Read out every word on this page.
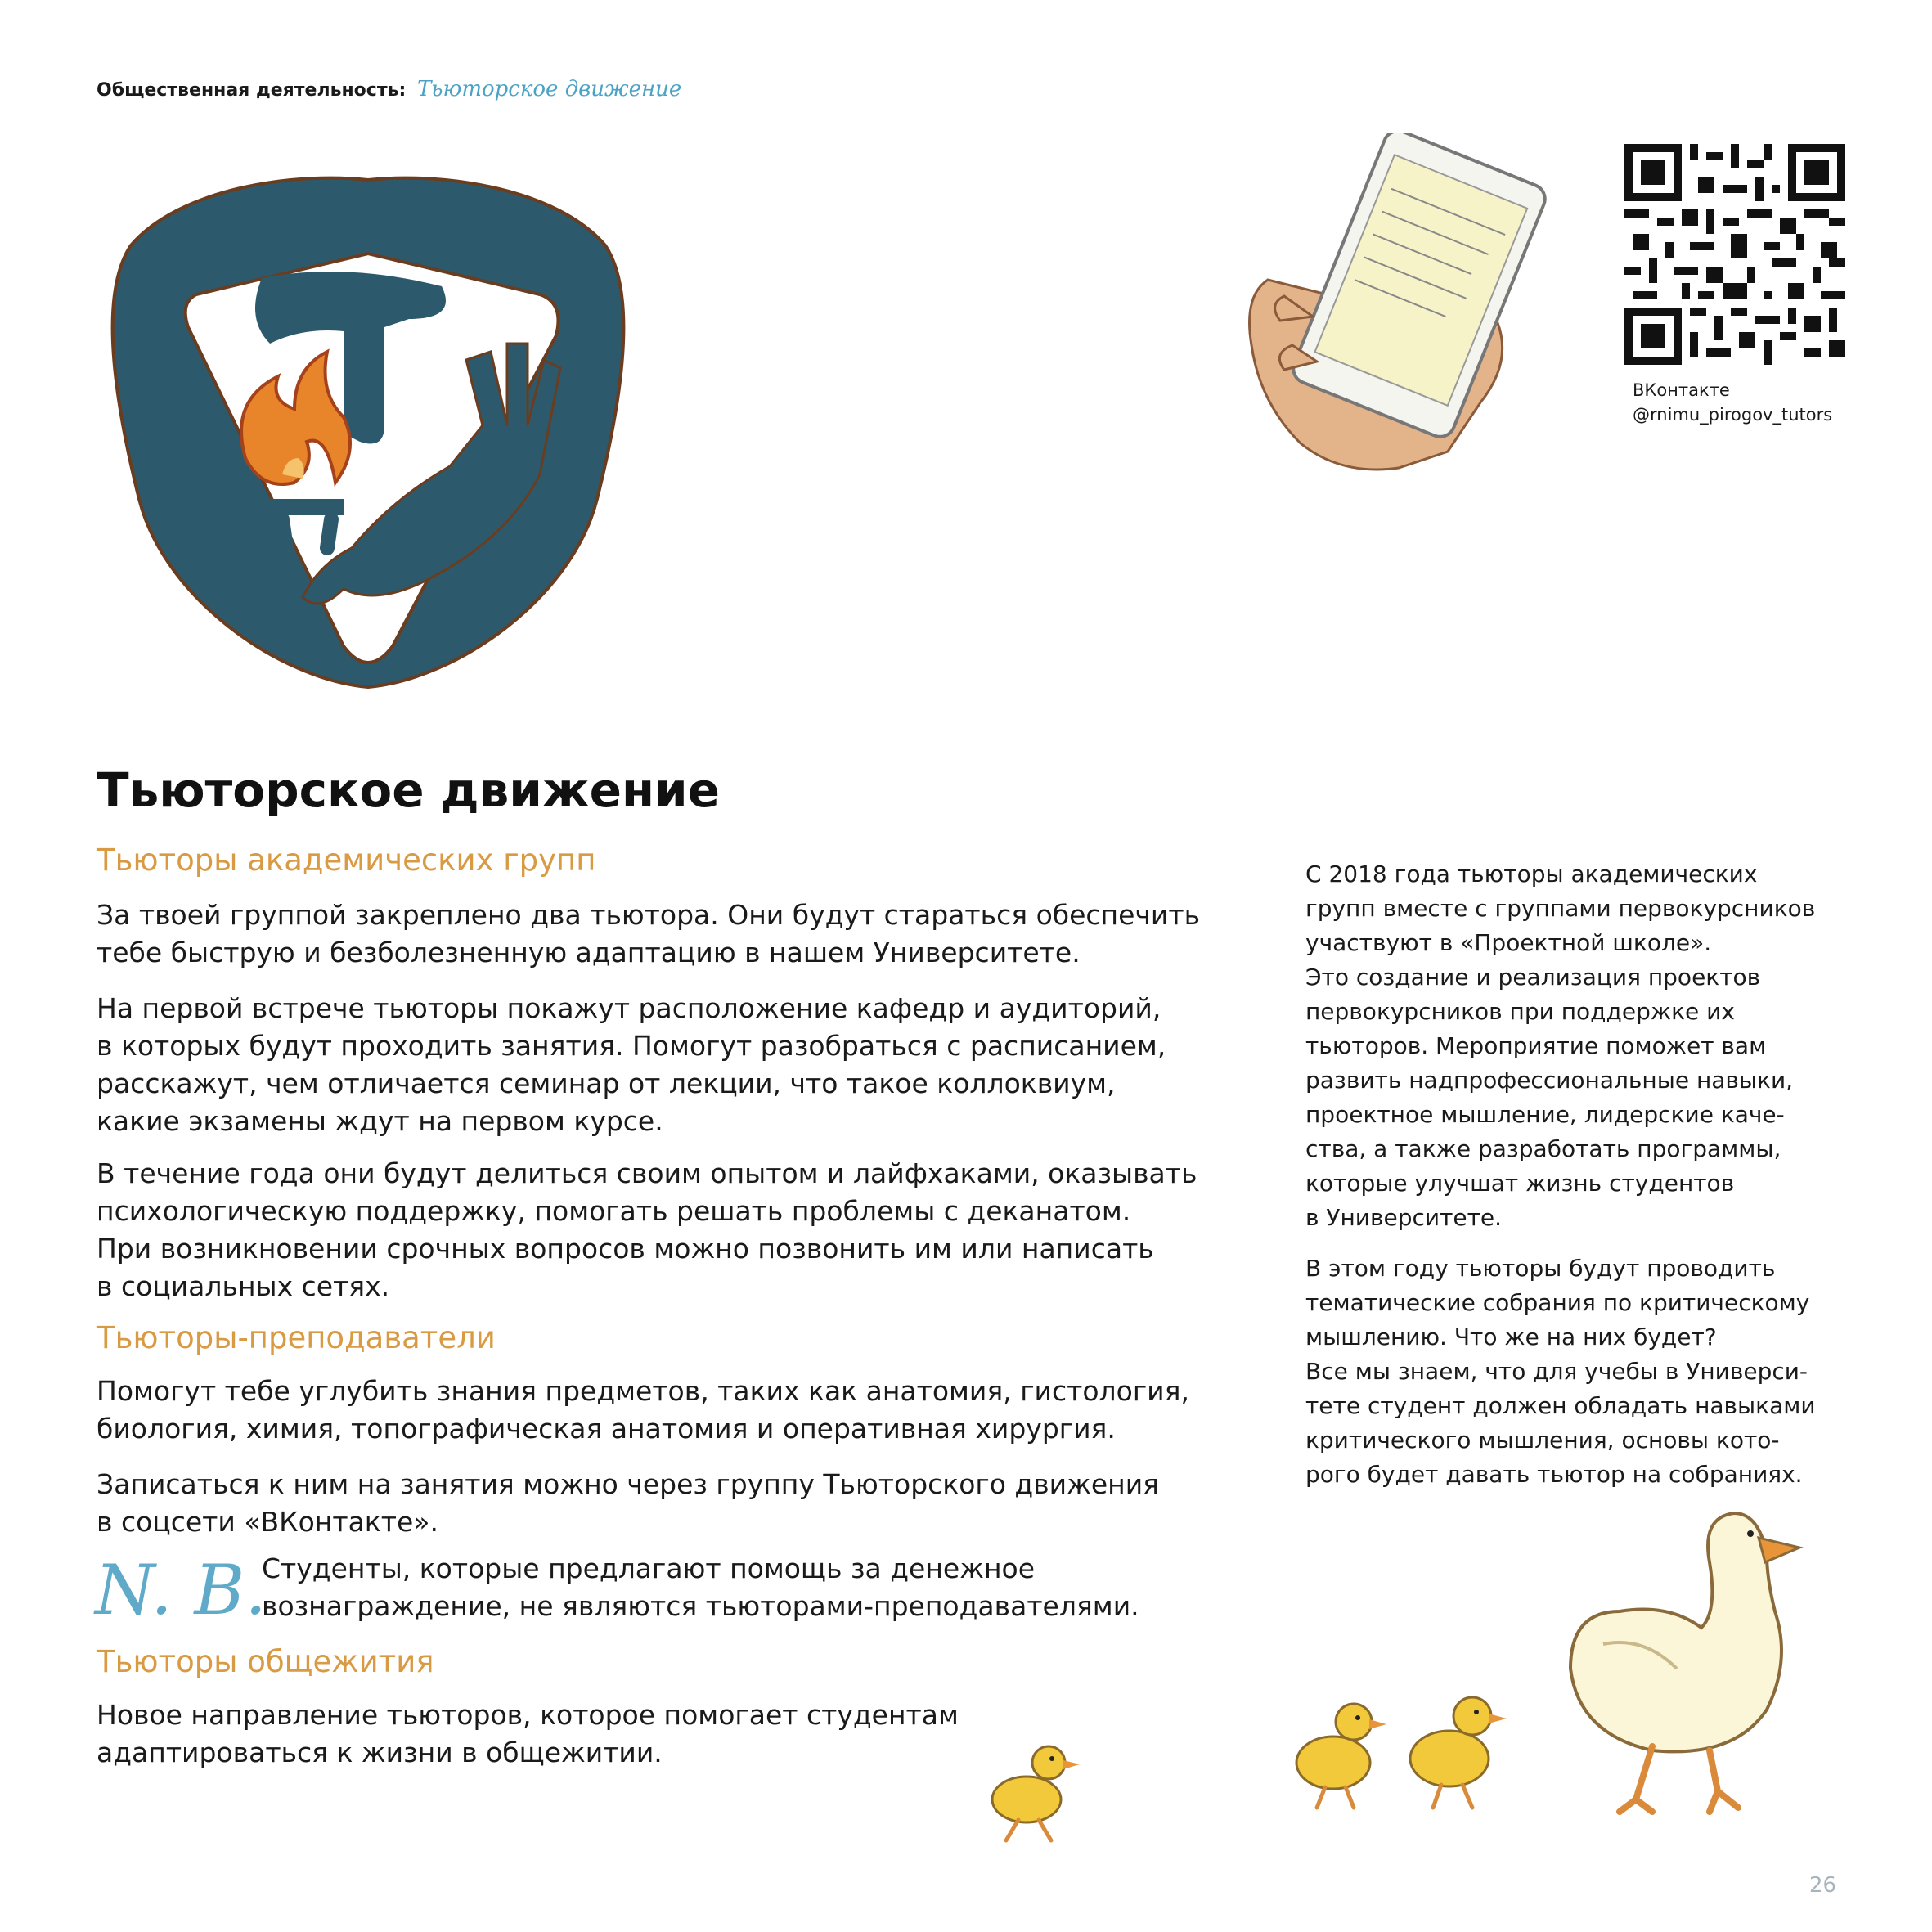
Общественная деятельность: Тьюторское движение
ВКонтакте
@rnimu_pirogov_tutors
Тьюторское движение
Тьюторы академических групп

За твоей группой закреплено два тьютора. Они будут стараться обеспечить
тебе быструю и безболезненную адаптацию в нашем Университете.

На первой встрече тьюторы покажут расположение кафедр и аудиторий,
в которых будут проходить занятия. Помогут разобраться с расписанием,
расскажут, чем отличается семинар от лекции, что такое коллоквиум,
какие экзамены ждут на первом курсе.

В течение года они будут делиться своим опытом и лайфхаками, оказывать
психологическую поддержку, помогать решать проблемы с деканатом.
При возникновении срочных вопросов можно позвонить им или написать
в социальных сетях.

Тьюторы-преподаватели

Помогут тебе углубить знания предметов, таких как анатомия, гистология,
биология, химия, топографическая анатомия и оперативная хирургия.

Записаться к ним на занятия можно через группу Тьюторского движения
в соцсети «ВКонтакте».

N. B.

Студенты, которые предлагают помощь за денежное
вознаграждение, не являются тьюторами-преподавателями.

Тьюторы общежития

Новое направление тьюторов, которое помогает студентам
адаптироваться к жизни в общежитии.

С 2018 года тьюторы академических
групп вместе с группами первокурсников
участвуют в «Проектной школе».
Это создание и реализация проектов
первокурсников при поддержке их
тьюторов. Мероприятие поможет вам
развить надпрофессиональные навыки,
проектное мышление, лидерские каче-
ства, а также разработать программы,
которые улучшат жизнь студентов
в Университете.

В этом году тьюторы будут проводить
тематические собрания по критическому
мышлению. Что же на них будет?
Все мы знаем, что для учебы в Универси-
тете студент должен обладать навыками
критического мышления, основы кото-
рого будет давать тьютор на собраниях.

26
